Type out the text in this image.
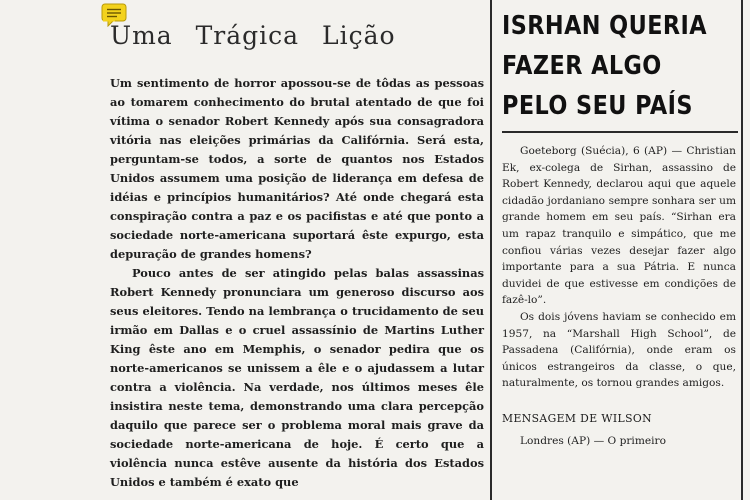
Uma Trágica Lição

Um sentimento de horror apossou-se de tôdas as pessoas ao tomarem conhecimento do brutal atentado de que foi vítima o senador Robert Kennedy após sua consagradora vitória nas eleições primárias da Califórnia. Será esta, perguntam-se todos, a sorte de quantos nos Estados Unidos assumem uma posição de liderança em defesa de idéias e princípios humanitários? Até onde chegará esta conspiração contra a paz e os pacifistas e até que ponto a sociedade norte-americana suportará êste expurgo, esta depuração de grandes homens?

Pouco antes de ser atingido pelas balas assassinas Robert Kennedy pronunciara um generoso discurso aos seus eleitores. Tendo na lembrança o trucidamento de seu irmão em Dallas e o cruel assassínio de Martins Luther King êste ano em Memphis, o senador pedira que os norte-americanos se unissem a êle e o ajudassem a lutar contra a violência. Na verdade, nos últimos meses êle insistira neste tema, demonstrando uma clara percepção daquilo que parece ser o problema moral mais grave da sociedade norte-americana de hoje. É certo que a violência nunca estêve ausente da história dos Estados Unidos e também é exato que

ISRHAN QUERIA
FAZER ALGO
PELO SEU PAÍS

Goeteborg (Suécia), 6 (AP) — Christian Ek, ex-colega de Sirhan, assassino de Robert Kennedy, declarou aqui que aquele cidadão jordaniano sempre sonhara ser um grande homem em seu país. “Sirhan era um rapaz tranquilo e simpático, que me confiou várias vezes desejar fazer algo importante para a sua Pátria. E nunca duvidei de que estivesse em condições de fazê-lo”.

Os dois jóvens haviam se conhecido em 1957, na “Marshall High School”, de Passadena (Califórnia), onde eram os únicos estrangeiros da classe, o que, naturalmente, os tornou grandes amigos.

MENSAGEM DE WILSON

Londres (AP) — O primeiro
